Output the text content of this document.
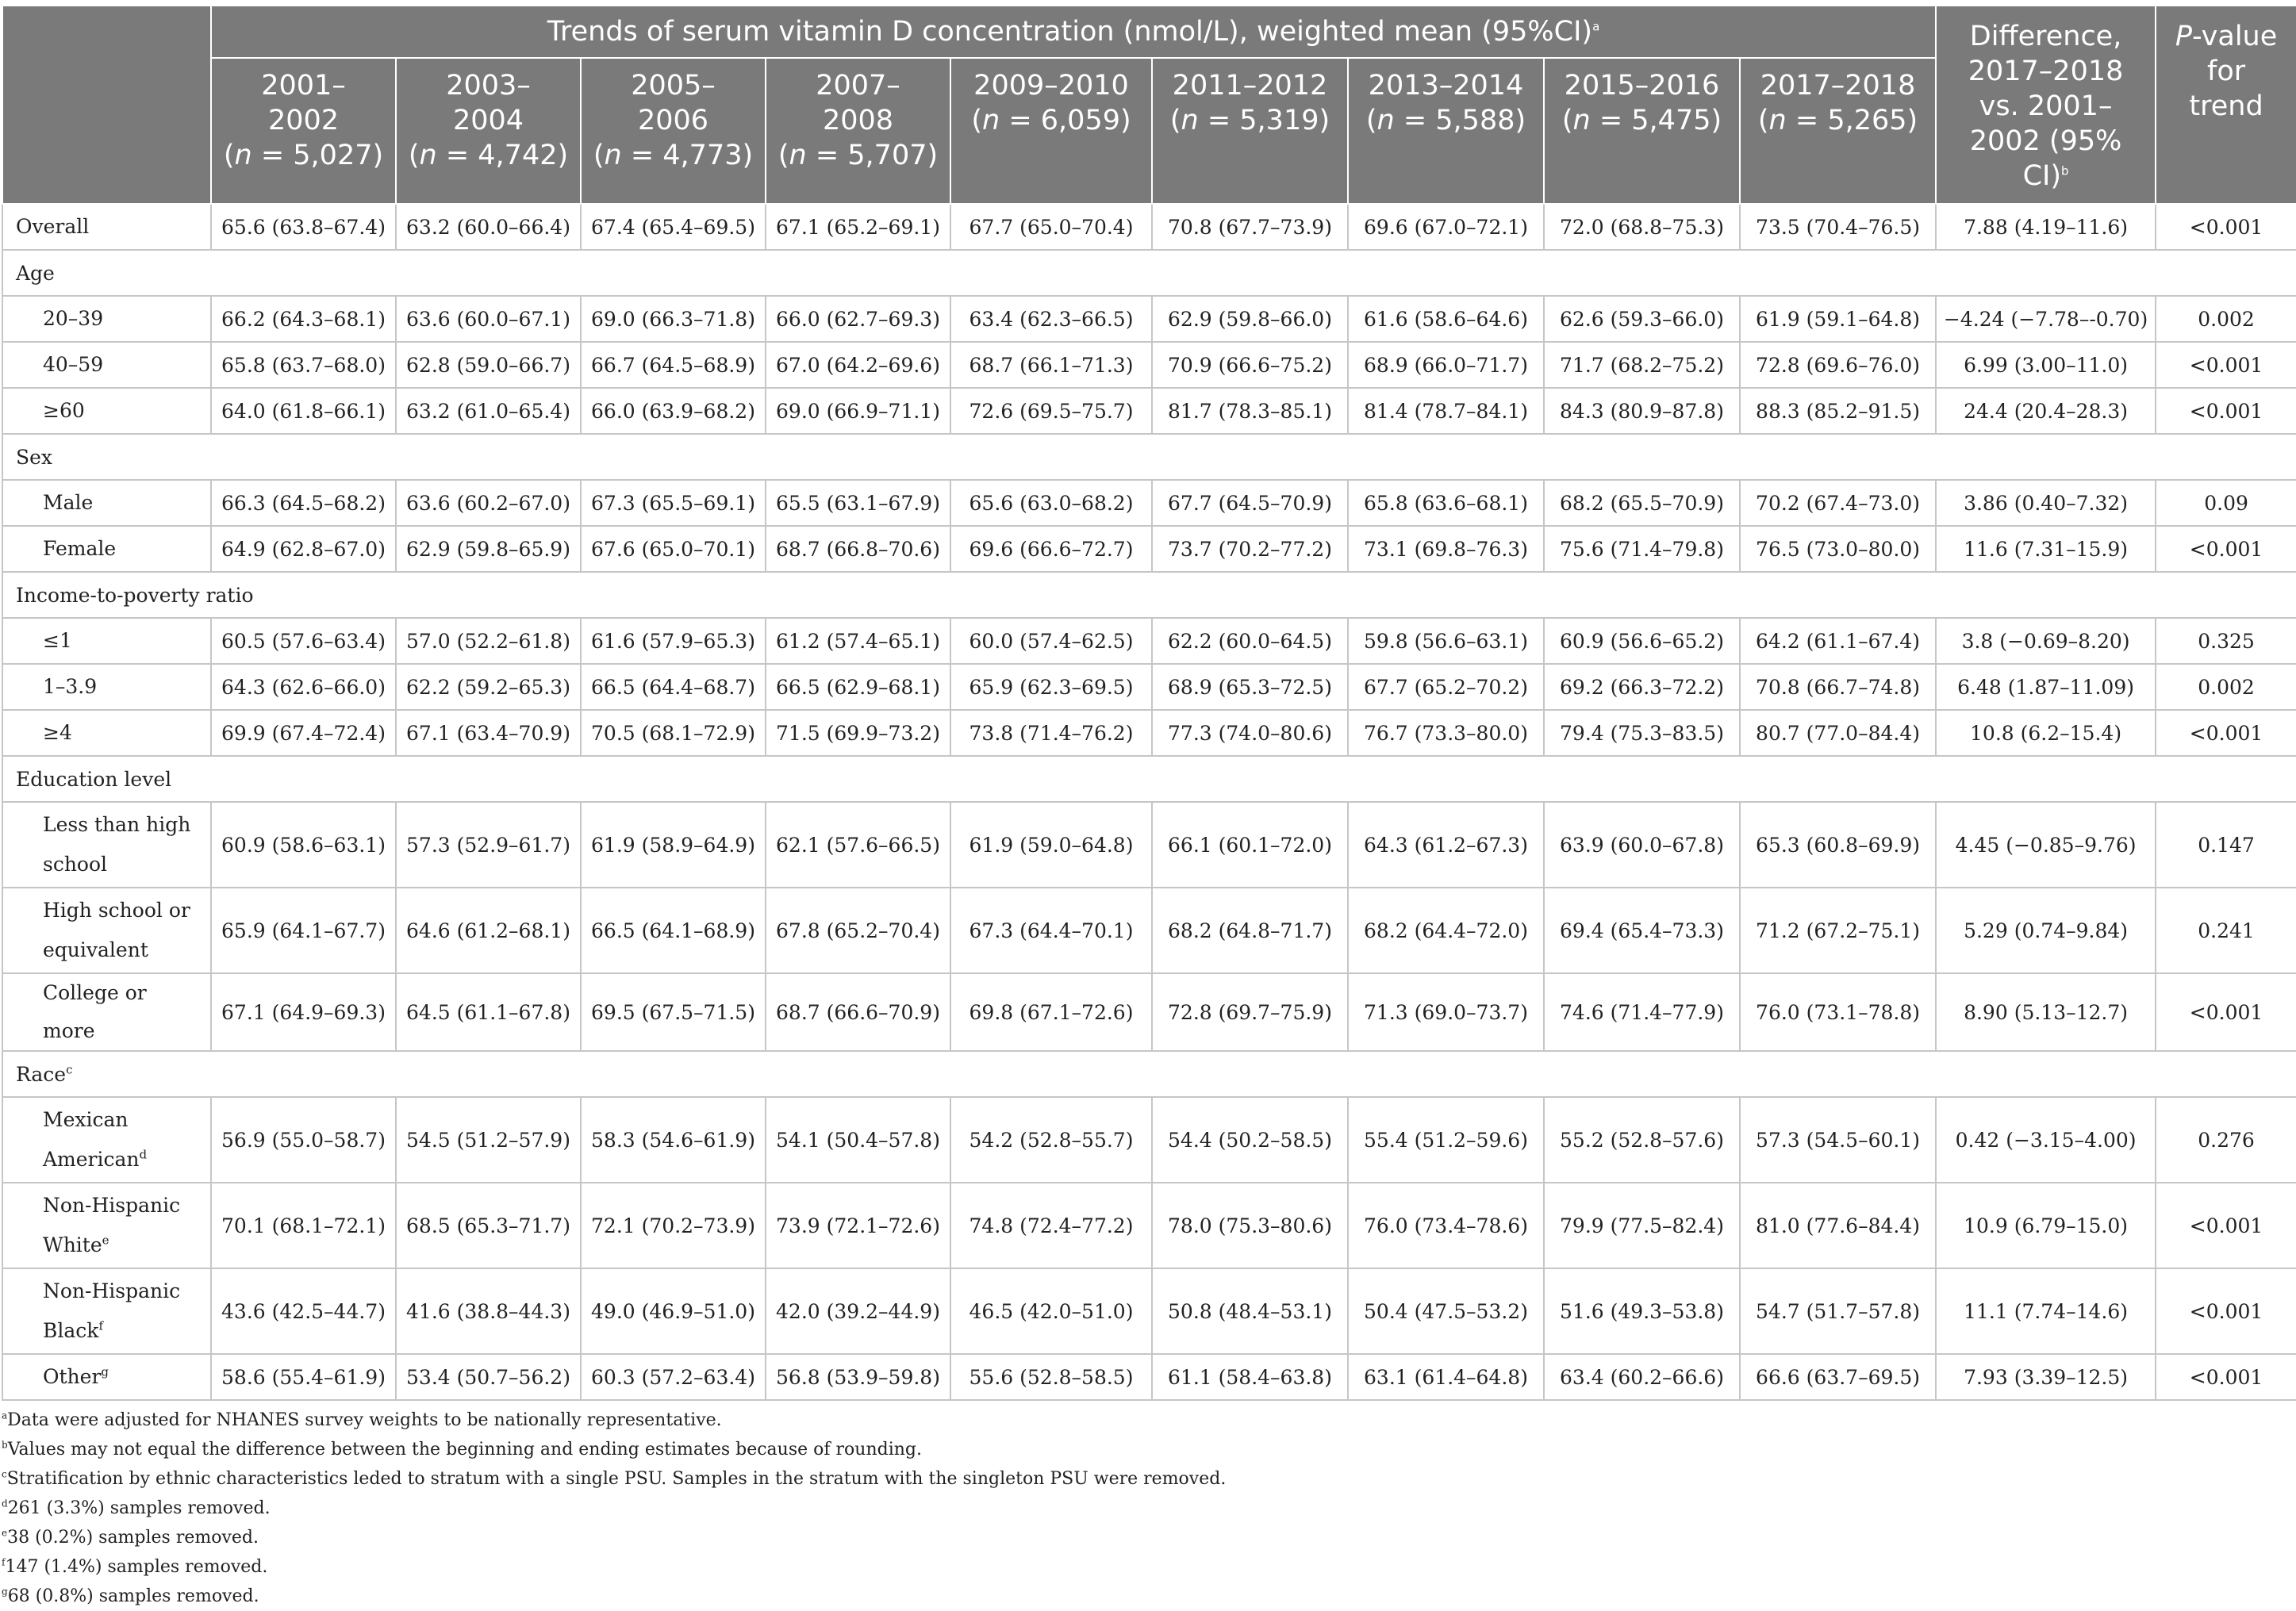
	Trends of serum vitamin D concentration (nmol/L), weighted mean $(95\%CI)^a$									Difference,
2017–2018
vs. 2001–
2002 (95%
CI)$^b$	P-value
for
trend
	2001–
2002
(n = 5,027)	2003–
2004
(n = 4,742)	2005–
2006
(n = 4,773)	2007–
2008
(n = 5,707)	2009–2010
(n = 6,059)	2011–2012
(n = 5,319)	2013–2014
(n = 5,588)	2015–2016
(n = 5,475)	2017–2018
(n = 5,265)		
Overall	65.6 (63.8–67.4)	63.2 (60.0–66.4)	67.4 (65.4–69.5)	67.1 (65.2–69.1)	67.7 (65.0–70.4)	70.8 (67.7–73.9)	69.6 (67.0–72.1)	72.0 (68.8–75.3)	73.5 (70.4–76.5)	7.88 (4.19–11.6)	<0.001
Age											
20–39	66.2 (64.3–68.1)	63.6 (60.0–67.1)	69.0 (66.3–71.8)	66.0 (62.7–69.3)	63.4 (62.3–66.5)	62.9 (59.8–66.0)	61.6 (58.6–64.6)	62.6 (59.3–66.0)	61.9 (59.1–64.8)	−4.24 (−7.78–-0.70)	0.002
40–59	65.8 (63.7–68.0)	62.8 (59.0–66.7)	66.7 (64.5–68.9)	67.0 (64.2–69.6)	68.7 (66.1–71.3)	70.9 (66.6–75.2)	68.9 (66.0–71.7)	71.7 (68.2–75.2)	72.8 (69.6–76.0)	6.99 (3.00–11.0)	<0.001
≥60	64.0 (61.8–66.1)	63.2 (61.0–65.4)	66.0 (63.9–68.2)	69.0 (66.9–71.1)	72.6 (69.5–75.7)	81.7 (78.3–85.1)	81.4 (78.7–84.1)	84.3 (80.9–87.8)	88.3 (85.2–91.5)	24.4 (20.4–28.3)	<0.001
Sex											
Male	66.3 (64.5–68.2)	63.6 (60.2–67.0)	67.3 (65.5–69.1)	65.5 (63.1–67.9)	65.6 (63.0–68.2)	67.7 (64.5–70.9)	65.8 (63.6–68.1)	68.2 (65.5–70.9)	70.2 (67.4–73.0)	3.86 (0.40–7.32)	0.09
Female	64.9 (62.8–67.0)	62.9 (59.8–65.9)	67.6 (65.0–70.1)	68.7 (66.8–70.6)	69.6 (66.6–72.7)	73.7 (70.2–77.2)	73.1 (69.8–76.3)	75.6 (71.4–79.8)	76.5 (73.0–80.0)	11.6 (7.31–15.9)	<0.001
Income-to-poverty ratio											
≤1	60.5 (57.6–63.4)	57.0 (52.2–61.8)	61.6 (57.9–65.3)	61.2 (57.4–65.1)	60.0 (57.4–62.5)	62.2 (60.0–64.5)	59.8 (56.6–63.1)	60.9 (56.6–65.2)	64.2 (61.1–67.4)	3.8 (−0.69–8.20)	0.325
1–3.9	64.3 (62.6–66.0)	62.2 (59.2–65.3)	66.5 (64.4–68.7)	66.5 (62.9–68.1)	65.9 (62.3–69.5)	68.9 (65.3–72.5)	67.7 (65.2–70.2)	69.2 (66.3–72.2)	70.8 (66.7–74.8)	6.48 (1.87–11.09)	0.002
≥4	69.9 (67.4–72.4)	67.1 (63.4–70.9)	70.5 (68.1–72.9)	71.5 (69.9–73.2)	73.8 (71.4–76.2)	77.3 (74.0–80.6)	76.7 (73.3–80.0)	79.4 (75.3–83.5)	80.7 (77.0–84.4)	10.8 (6.2–15.4)	<0.001
Education level											
Less than high school	60.9 (58.6–63.1)	57.3 (52.9–61.7)	61.9 (58.9–64.9)	62.1 (57.6–66.5)	61.9 (59.0–64.8)	66.1 (60.1–72.0)	64.3 (61.2–67.3)	63.9 (60.0–67.8)	65.3 (60.8–69.9)	4.45 (−0.85–9.76)	0.147
High school or equivalent	65.9 (64.1–67.7)	64.6 (61.2–68.1)	66.5 (64.1–68.9)	67.8 (65.2–70.4)	67.3 (64.4–70.1)	68.2 (64.8–71.7)	68.2 (64.4–72.0)	69.4 (65.4–73.3)	71.2 (67.2–75.1)	5.29 (0.74–9.84)	0.241
College or more	67.1 (64.9–69.3)	64.5 (61.1–67.8)	69.5 (67.5–71.5)	68.7 (66.6–70.9)	69.8 (67.1–72.6)	72.8 (69.7–75.9)	71.3 (69.0–73.7)	74.6 (71.4–77.9)	76.0 (73.1–78.8)	8.90 (5.13–12.7)	<0.001
Race$^c$
Mexican American$^d$	56.9 (55.0–58.7)	54.5 (51.2–57.9)	58.3 (54.6–61.9)	54.1 (50.4–57.8)	54.2 (52.8–55.7)	54.4 (50.2–58.5)	55.4 (51.2–59.6)	55.2 (52.8–57.6)	57.3 (54.5–60.1)	0.42 (−3.15–4.00)	0.276
Non-Hispanic White$^e$	70.1 (68.1–72.1)	68.5 (65.3–71.7)	72.1 (70.2–73.9)	73.9 (72.1–72.6)	74.8 (72.4–77.2)	78.0 (75.3–80.6)	76.0 (73.4–78.6)	79.9 (77.5–82.4)	81.0 (77.6–84.4)	10.9 (6.79–15.0)	<0.001
Non-Hispanic Black$^f$	43.6 (42.5–44.7)	41.6 (38.8–44.3)	49.0 (46.9–51.0)	42.0 (39.2–44.9)	46.5 (42.0–51.0)	50.8 (48.4–53.1)	50.4 (47.5–53.2)	51.6 (49.3–53.8)	54.7 (51.7–57.8)	11.1 (7.74–14.6)	<0.001
Other$^g$	58.6 (55.4–61.9)	53.4 (50.7–56.2)	60.3 (57.2–63.4)	56.8 (53.9–59.8)	55.6 (52.8–58.5)	61.1 (58.4–63.8)	63.1 (61.4–64.8)	63.4 (60.2–66.6)	66.6 (63.7–69.5)	7.93 (3.39–12.5)	<0.001
$^a$Data were adjusted for NHANES survey weights to be nationally representative.
$^b$Values may not equal the difference between the beginning and ending estimates because of rounding.
$^c$Stratification by ethnic characteristics leded to stratum with a single PSU. Samples in the stratum with the singleton PSU were removed.
$^d$261 (3.3%) samples removed.
$^e$38 (0.2%) samples removed.
$^f$147 (1.4%) samples removed.
$^g$68 (0.8%) samples removed.
